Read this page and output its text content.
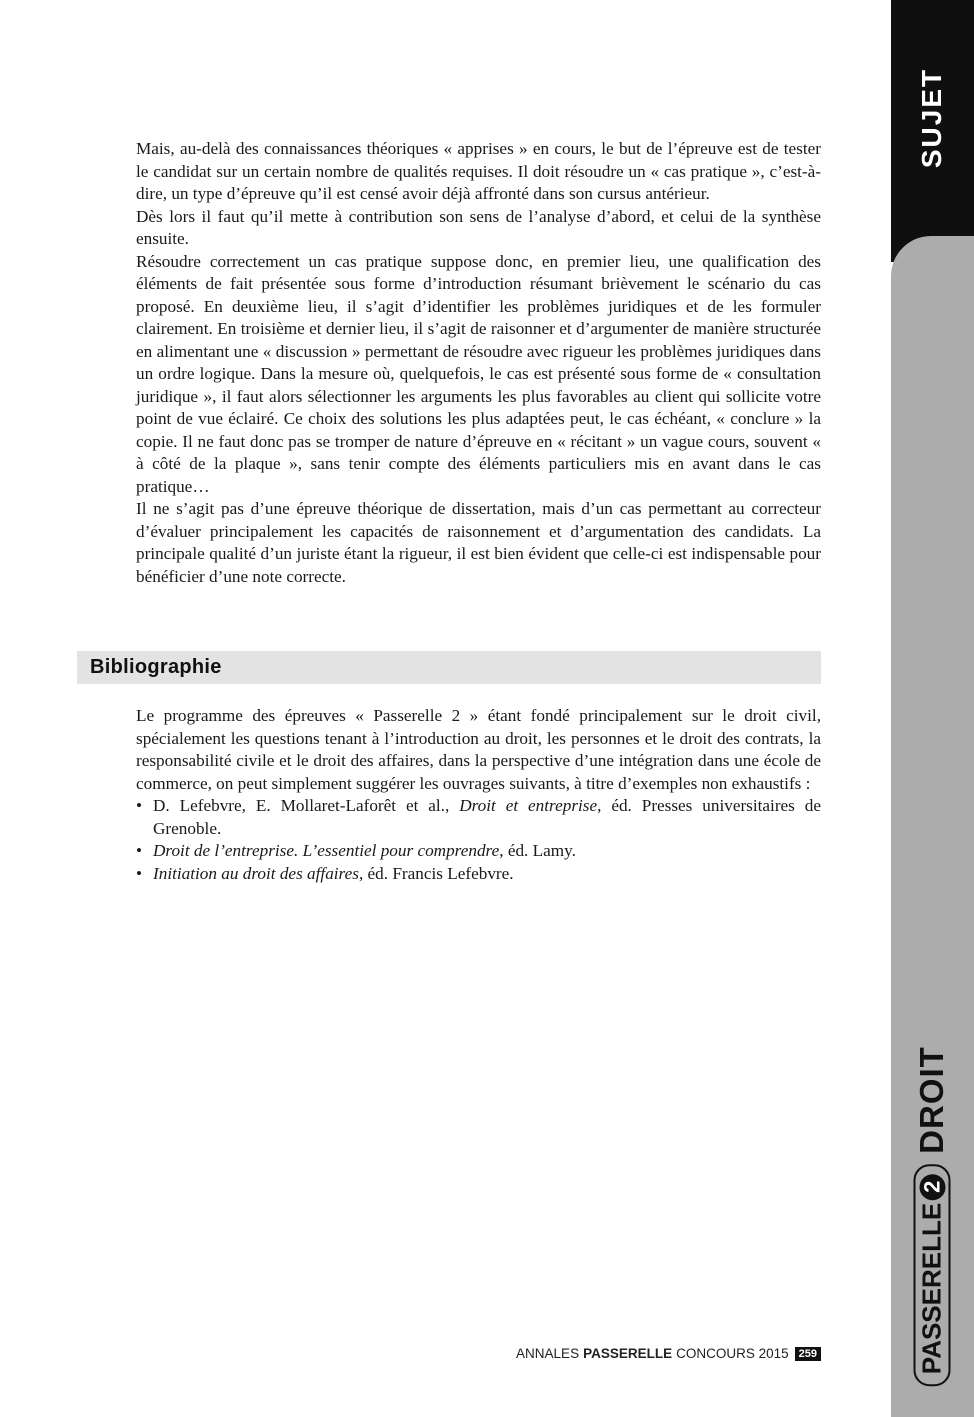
SUJET
DROIT
PASSERELLE
2

Mais, au-delà des connaissances théoriques « apprises » en cours, le but de l’épreuve est de tester le candidat sur un certain nombre de qualités requises. Il doit résoudre un « cas pratique », c’est-à-dire, un type d’épreuve qu’il est censé avoir déjà affronté dans son cursus antérieur.

Dès lors il faut qu’il mette à contribution son sens de l’analyse d’abord, et celui de la synthèse ensuite.

Résoudre correctement un cas pratique suppose donc, en premier lieu, une qualification des éléments de fait présentée sous forme d’introduction résumant brièvement le scénario du cas proposé. En deuxième lieu, il s’agit d’identifier les problèmes juridiques et de les formuler clairement. En troisième et dernier lieu, il s’agit de raisonner et d’argumenter de manière structurée en alimentant une « discussion » permettant de résoudre avec rigueur les problèmes juridiques dans un ordre logique. Dans la mesure où, quelquefois, le cas est présenté sous forme de « consultation juridique », il faut alors sélectionner les arguments les plus favorables au client qui sollicite votre point de vue éclairé. Ce choix des solutions les plus adaptées peut, le cas échéant, « conclure » la copie. Il ne faut donc pas se tromper de nature d’épreuve en « récitant » un vague cours, souvent « à côté de la plaque », sans tenir compte des éléments particuliers mis en avant dans le cas pratique…

Il ne s’agit pas d’une épreuve théorique de dissertation, mais d’un cas permettant au correcteur d’évaluer principalement les capacités de raisonnement et d’argumentation des candidats. La principale qualité d’un juriste étant la rigueur, il est bien évident que celle-ci est indispensable pour bénéficier d’une note correcte.

Bibliographie

Le programme des épreuves « Passerelle 2 » étant fondé principalement sur le droit civil, spécialement les questions tenant à l’introduction au droit, les personnes et le droit des contrats, la responsabilité civile et le droit des affaires, dans la perspective d’une intégration dans une école de commerce, on peut simplement suggérer les ouvrages suivants, à titre d’exemples non exhaustifs :

• D. Lefebvre, E. Mollaret-Laforêt et al., Droit et entreprise, éd. Presses universitaires de Grenoble.
• Droit de l’entreprise. L’essentiel pour comprendre, éd. Lamy.
• Initiation au droit des affaires, éd. Francis Lefebvre.
ANNALES PASSERELLE CONCOURS 2015 259
